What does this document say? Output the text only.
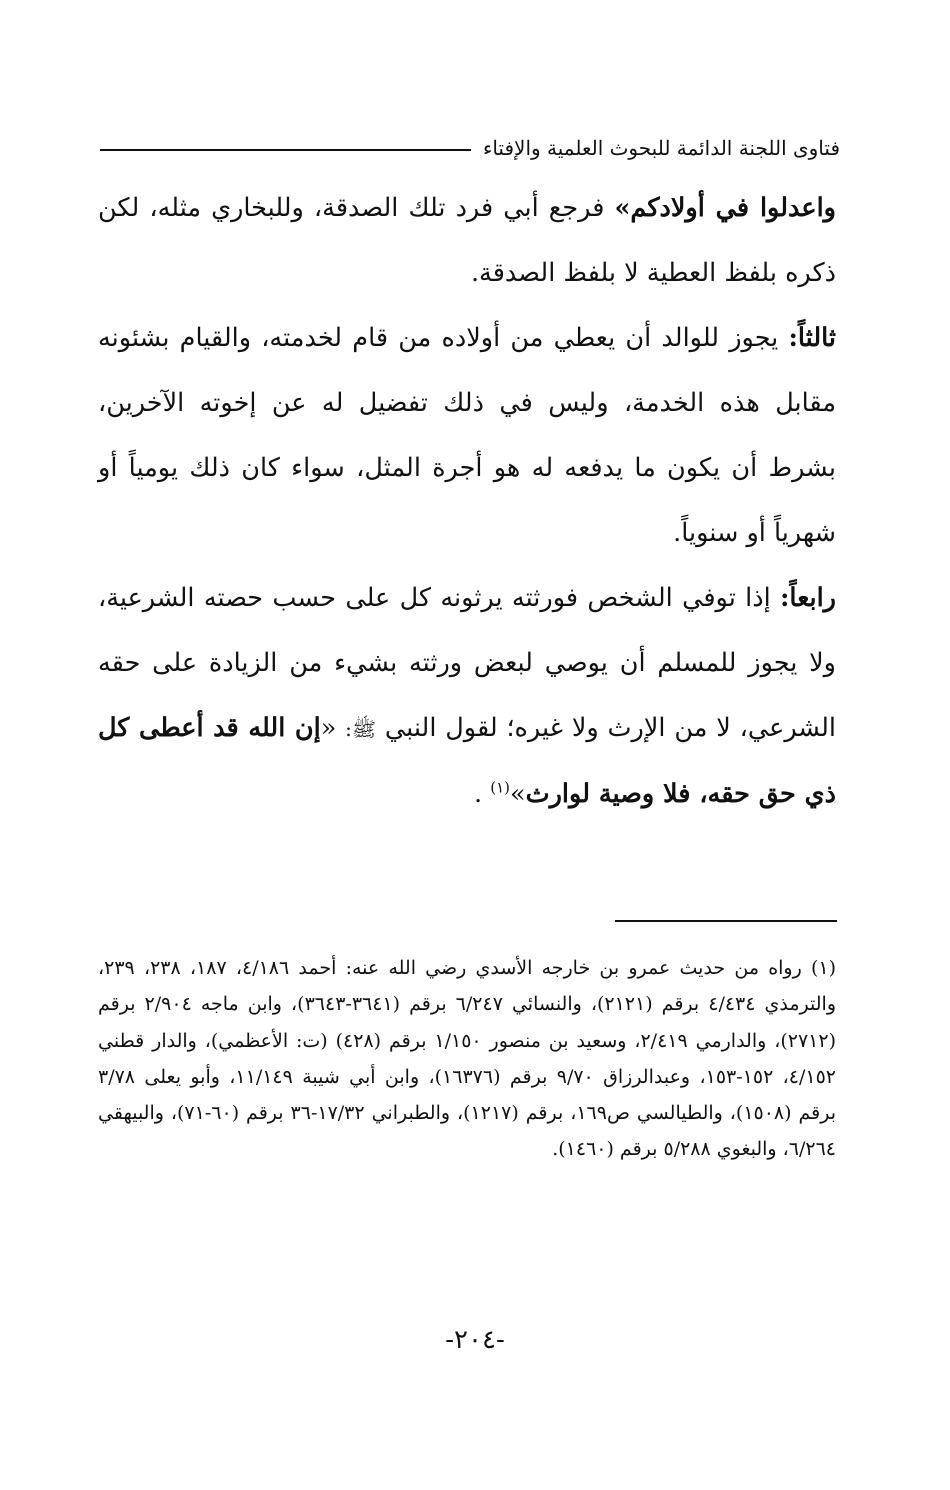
فتاوى اللجنة الدائمة للبحوث العلمية والإفتاء

واعدلوا في أولادكم» فرجع أبي فرد تلك الصدقة، وللبخاري مثله، لكن ذكره بلفظ العطية لا بلفظ الصدقة.

ثالثاً: يجوز للوالد أن يعطي من أولاده من قام لخدمته، والقيام بشئونه مقابل هذه الخدمة، وليس في ذلك تفضيل له عن إخوته الآخرين، بشرط أن يكون ما يدفعه له هو أجرة المثل، سواء كان ذلك يومياً أو شهرياً أو سنوياً.

رابعاً: إذا توفي الشخص فورثته يرثونه كل على حسب حصته الشرعية، ولا يجوز للمسلم أن يوصي لبعض ورثته بشيء من الزيادة على حقه الشرعي، لا من الإرث ولا غيره؛ لقول النبي ﷺ: «إن الله قد أعطى كل ذي حق حقه، فلا وصية لوارث»$^{(١)}$ .

(١) رواه من حديث عمرو بن خارجه الأسدي رضي الله عنه: أحمد ٤/١٨٦، ١٨٧، ٢٣٨، ٢٣٩، والترمذي ٤/٤٣٤ برقم (٢١٢١)، والنسائي ٦/٢٤٧ برقم (٣٦٤١-٣٦٤٣)، وابن ماجه ٢/٩٠٤ برقم (٢٧١٢)، والدارمي ٢/٤١٩، وسعيد بن منصور ١/١٥٠ برقم (٤٢٨) (ت: الأعظمي)، والدار قطني ٤/١٥٢، ١٥٢-١٥٣، وعبدالرزاق ٩/٧٠ برقم (١٦٣٧٦)، وابن أبي شيبة ١١/١٤٩، وأبو يعلى ٣/٧٨ برقم (١٥٠٨)، والطيالسي ص١٦٩، برقم (١٢١٧)، والطبراني ١٧/٣٢-٣٦ برقم (٦٠-٧١)، والبيهقي ٦/٢٦٤، والبغوي ٥/٢٨٨ برقم (١٤٦٠).

-٢٠٤-
